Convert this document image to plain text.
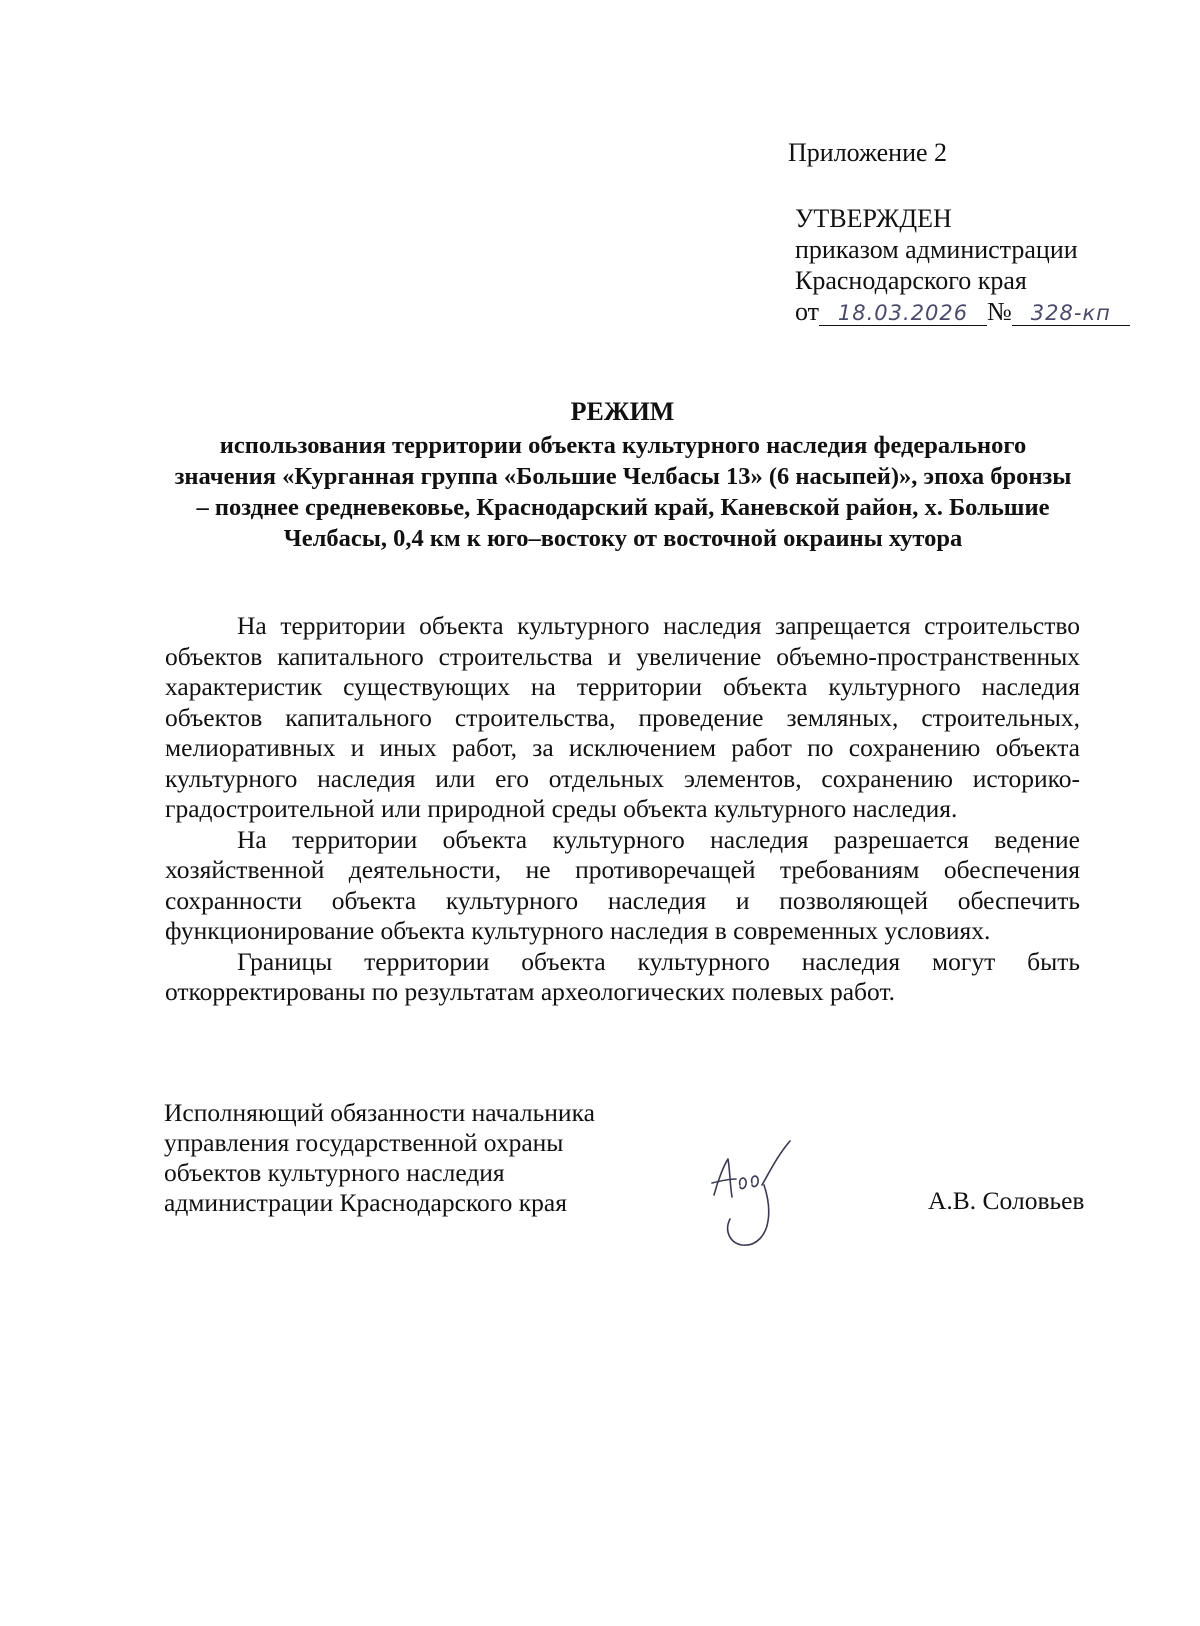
Приложение 2
УТВЕРЖДЕН
приказом администрации
Краснодарского края
от 18.03.2026 № 328-кп
РЕЖИМ
использования территории объекта культурного наследия федерального значения «Курганная группа «Большие Челбасы 13» (6 насыпей)», эпоха бронзы – позднее средневековье, Краснодарский край, Каневской район, х. Большие Челбасы, 0,4 км к юго–востоку от восточной окраины хутора

На территории объекта культурного наследия запрещается строительство объектов капитального строительства и увеличение объемно-пространственных характеристик существующих на территории объекта культурного наследия объектов капитального строительства, проведение земляных, строительных, мелиоративных и иных работ, за исключением работ по сохранению объекта культурного наследия или его отдельных элементов, сохранению историко-градостроительной или природной среды объекта культурного наследия.

На территории объекта культурного наследия разрешается ведение хозяйственной деятельности, не противоречащей требованиям обеспечения сохранности объекта культурного наследия и позволяющей обеспечить функционирование объекта культурного наследия в современных условиях.

Границы территории объекта культурного наследия могут быть откорректированы по результатам археологических полевых работ.

Исполняющий обязанности начальника
управления государственной охраны
объектов культурного наследия
администрации Краснодарского края	А.В. Соловьев
